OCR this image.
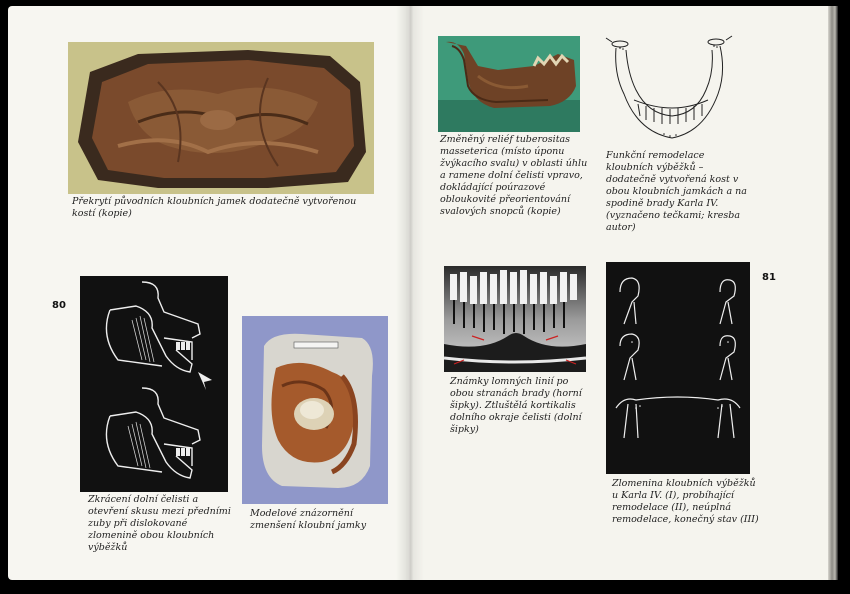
Překrytí původních kloubních jamek dodatečně vytvořenou kostí (kopie)
80
Zkrácení dolní čelisti a otevření skusu mezi předními zuby při dislokované zlomenině obou kloubních výběžků
Modelové znázornění zmenšení kloubní jamky
Změněný reliéf tuberositas masseterica (místo úponu žvýkacího svalu) v oblasti úhlu a ramene dolní čelisti vpravo, dokládající poúrazové obloukovité přeorientování svalových snopců (kopie)
Funkční remodelace kloubních výběžků – dodatečně vytvořená kost v obou kloubních jamkách a na spodině brady Karla IV. (vyznačeno tečkami; kresba autor)
81
Známky lomných linií po obou stranách brady (horní šipky). Ztluštělá kortikalis dolního okraje čelisti (dolní šipky)
Zlomenina kloubních výběžků u Karla IV. (I), probíhající remodelace (II), neúplná remodelace, konečný stav (III)
